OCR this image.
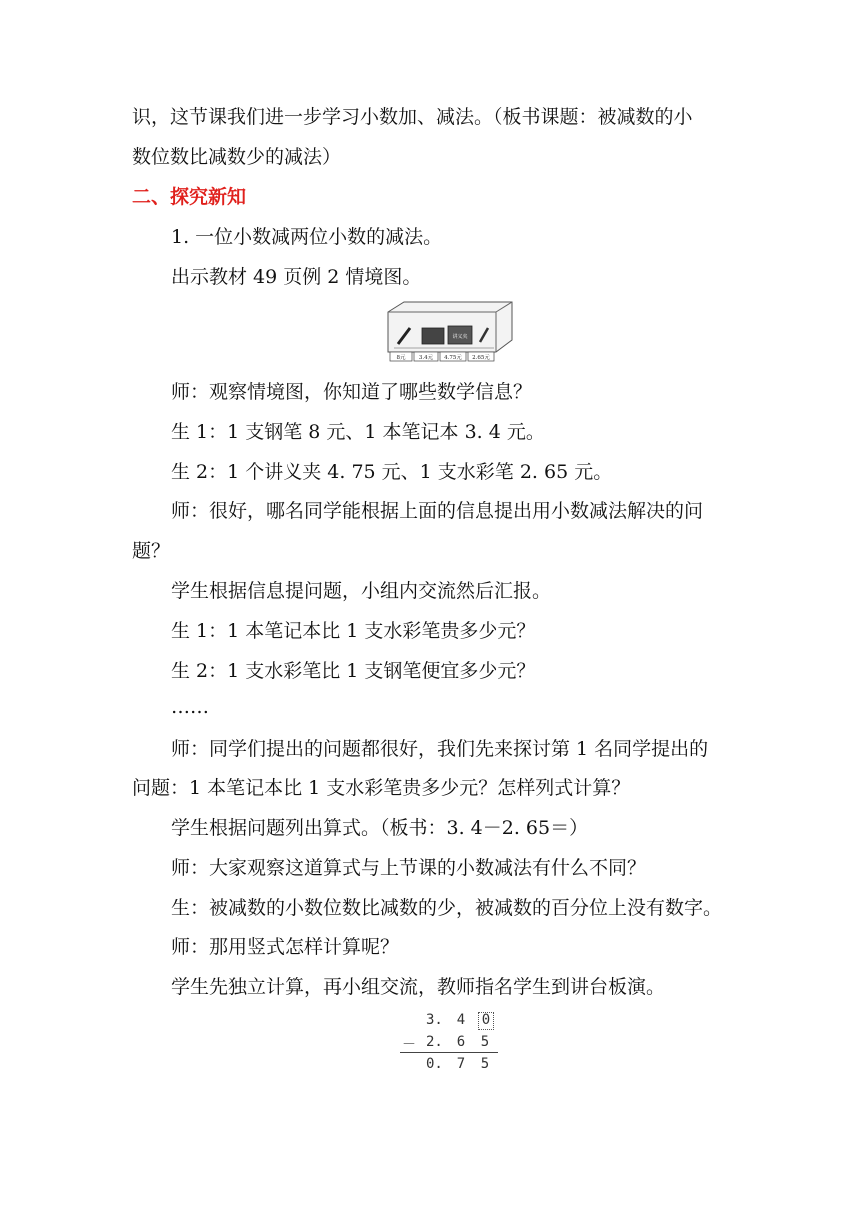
识，这节课我们进一步学习小数加、减法。（板书课题：被减数的小
数位数比减数少的减法）
二、探究新知
1. 一位小数减两位小数的减法。
出示教材 49 页例 2 情境图。
讲义夹
8元 3.4元 4.75元 2.65元
师：观察情境图，你知道了哪些数学信息？
生 1：1 支钢笔 8 元、1 本笔记本 3. 4 元。
生 2：1 个讲义夹 4. 75 元、1 支水彩笔 2. 65 元。
师：很好，哪名同学能根据上面的信息提出用小数减法解决的问
题？
学生根据信息提问题，小组内交流然后汇报。
生 1：1 本笔记本比 1 支水彩笔贵多少元？
生 2：1 支水彩笔比 1 支钢笔便宜多少元？
……
师：同学们提出的问题都很好，我们先来探讨第 1 名同学提出的
问题：1 本笔记本比 1 支水彩笔贵多少元？怎样列式计算？
学生根据问题列出算式。（板书：3. 4－2. 65＝）
师：大家观察这道算式与上节课的小数减法有什么不同？
生：被减数的小数位数比减数的少，被减数的百分位上没有数字。
师：那用竖式怎样计算呢？
学生先独立计算，再小组交流，教师指名学生到讲台板演。
3. 4 0
－ 2. 6 5
0. 7 5
